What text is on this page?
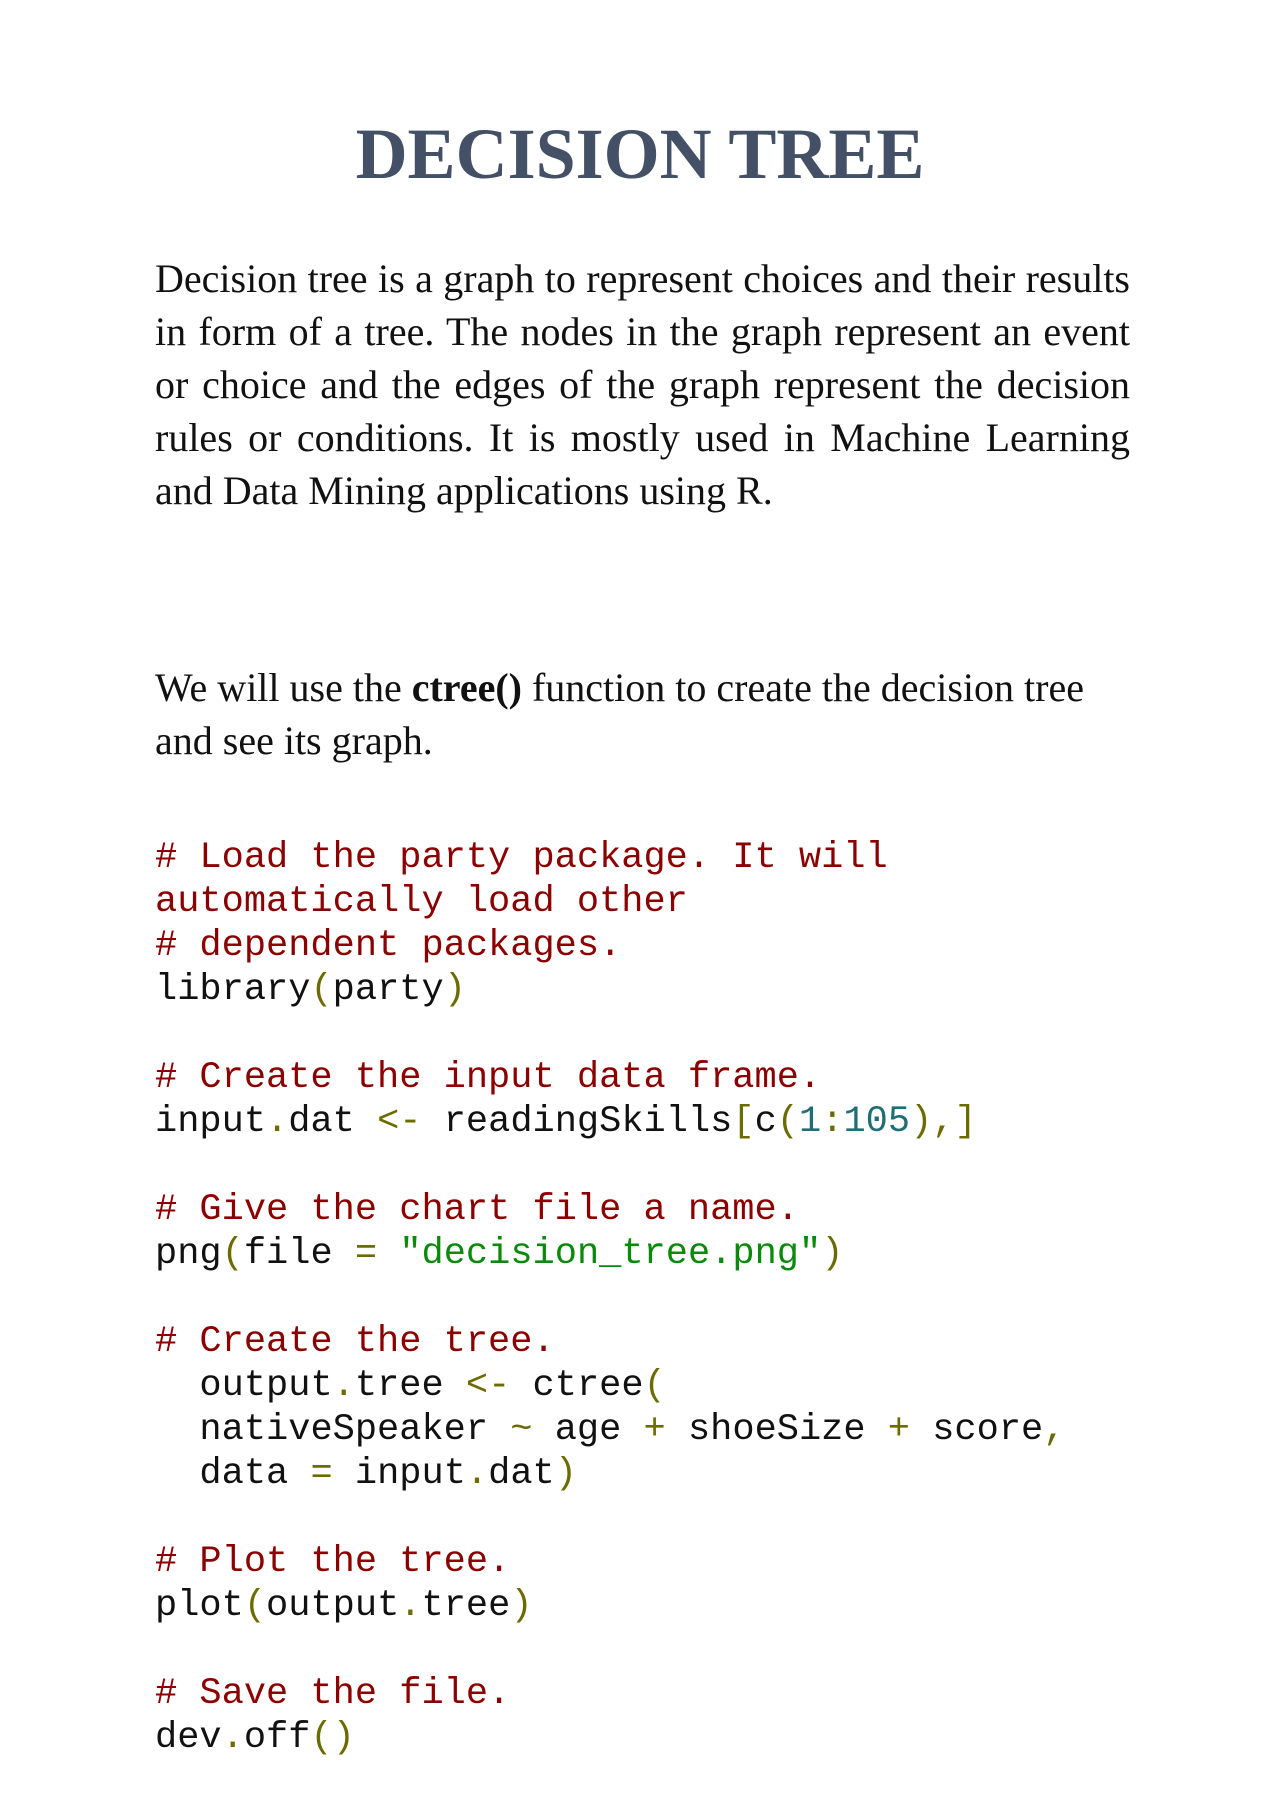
DECISION TREE

Decision tree is a graph to represent choices and their results in form of a tree. The nodes in the graph represent an event or choice and the edges of the graph represent the decision rules or conditions. It is mostly used in Machine Learning and Data Mining applications using R.

We will use the ctree() function to create the decision tree and see its graph.

# Load the party package. It will
automatically load other
# dependent packages.
library(party)
# Create the input data frame.
input.dat <- readingSkills[c(1:105),]
# Give the chart file a name.
png(file = "decision_tree.png")
# Create the tree.
output.tree <- ctree(
nativeSpeaker ~ age + shoeSize + score,
data = input.dat)
# Plot the tree.
plot(output.tree)
# Save the file.
dev.off()
